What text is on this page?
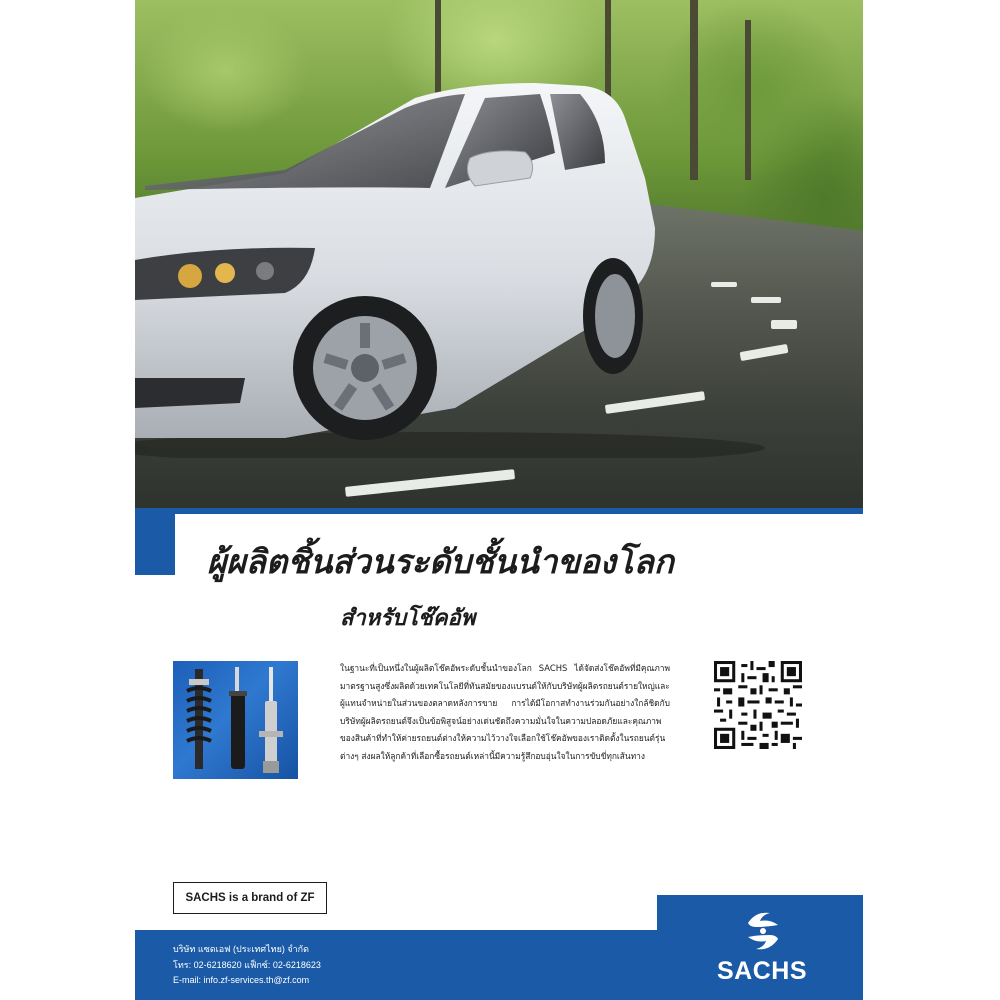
ผู้ผลิตชิ้นส่วนระดับชั้นนำของโลก
สำหรับโช๊คอัพ
ในฐานะที่เป็นหนึ่งในผู้ผลิตโช๊คอัพระดับชั้นนำของโลก SACHS ได้จัดส่งโช๊คอัพที่มีคุณภาพมาตรฐานสูงซึ่งผลิตด้วยเทคโนโลยีที่ทันสมัยของแบรนด์ให้กับบริษัทผู้ผลิตรถยนต์รายใหญ่และผู้แทนจำหน่ายในส่วนของตลาดหลังการขาย การได้มีโอกาสทำงานร่วมกันอย่างใกล้ชิดกับบริษัทผู้ผลิตรถยนต์จึงเป็นข้อพิสูจน์อย่างเด่นชัดถึงความมั่นใจในความปลอดภัยและคุณภาพของสินค้าที่ทำให้ค่ายรถยนต์ต่างให้ความไว้วางใจเลือกใช้โช๊คอัพของเราติดตั้งในรถยนต์รุ่นต่างๆ ส่งผลให้ลูกค้าที่เลือกซื้อรถยนต์เหล่านี้มีความรู้สึกอบอุ่นใจในการขับขี่ทุกเส้นทาง
SACHS is a brand of ZF
บริษัท แซดเอฟ (ประเทศไทย) จำกัด
โทร: 02-6218620 แฟ็กซ์: 02-6218623
E-mail: info.zf-services.th@zf.com	SACHS
